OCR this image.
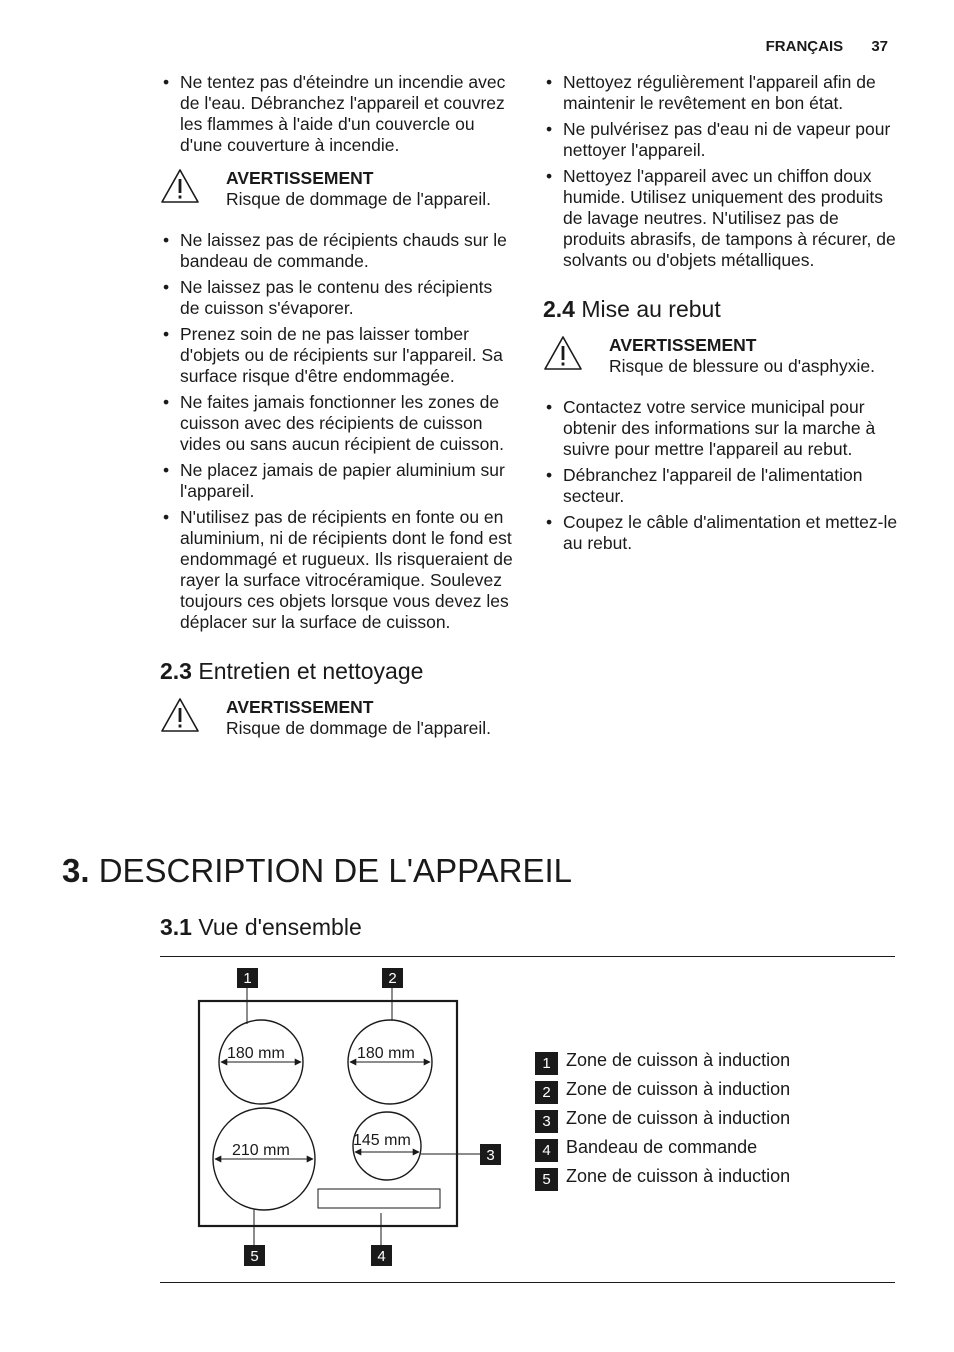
FRANÇAIS 37
• Ne tentez pas d'éteindre un incendie avec de l'eau. Débranchez l'appareil et couvrez les flammes à l'aide d'un couvercle ou d'une couverture à incendie.
AVERTISSEMENT
Risque de dommage de l'appareil.
• Ne laissez pas de récipients chauds sur le bandeau de commande.
• Ne laissez pas le contenu des récipients de cuisson s'évaporer.
• Prenez soin de ne pas laisser tomber d'objets ou de récipients sur l'appareil. Sa surface risque d'être endommagée.
• Ne faites jamais fonctionner les zones de cuisson avec des récipients de cuisson vides ou sans aucun récipient de cuisson.
• Ne placez jamais de papier aluminium sur l'appareil.
• N'utilisez pas de récipients en fonte ou en aluminium, ni de récipients dont le fond est endommagé et rugueux. Ils risqueraient de rayer la surface vitrocéramique. Soulevez toujours ces objets lorsque vous devez les déplacer sur la surface de cuisson.
2.3 Entretien et nettoyage
AVERTISSEMENT
Risque de dommage de l'appareil.
• Nettoyez régulièrement l'appareil afin de maintenir le revêtement en bon état.
• Ne pulvérisez pas d'eau ni de vapeur pour nettoyer l'appareil.
• Nettoyez l'appareil avec un chiffon doux humide. Utilisez uniquement des produits de lavage neutres. N'utilisez pas de produits abrasifs, de tampons à récurer, de solvants ou d'objets métalliques.
2.4 Mise au rebut
AVERTISSEMENT
Risque de blessure ou d'asphyxie.
• Contactez votre service municipal pour obtenir des informations sur la marche à suivre pour mettre l'appareil au rebut.
• Débranchez l'appareil de l'alimentation secteur.
• Coupez le câble d'alimentation et mettez-le au rebut.
3. DESCRIPTION DE L'APPAREIL
3.1 Vue d'ensemble
180 mm	180 mm
210 mm
145 mm
1	2
3
4
5
1 Zone de cuisson à induction
2 Zone de cuisson à induction
3 Zone de cuisson à induction
4 Bandeau de commande
5 Zone de cuisson à induction
